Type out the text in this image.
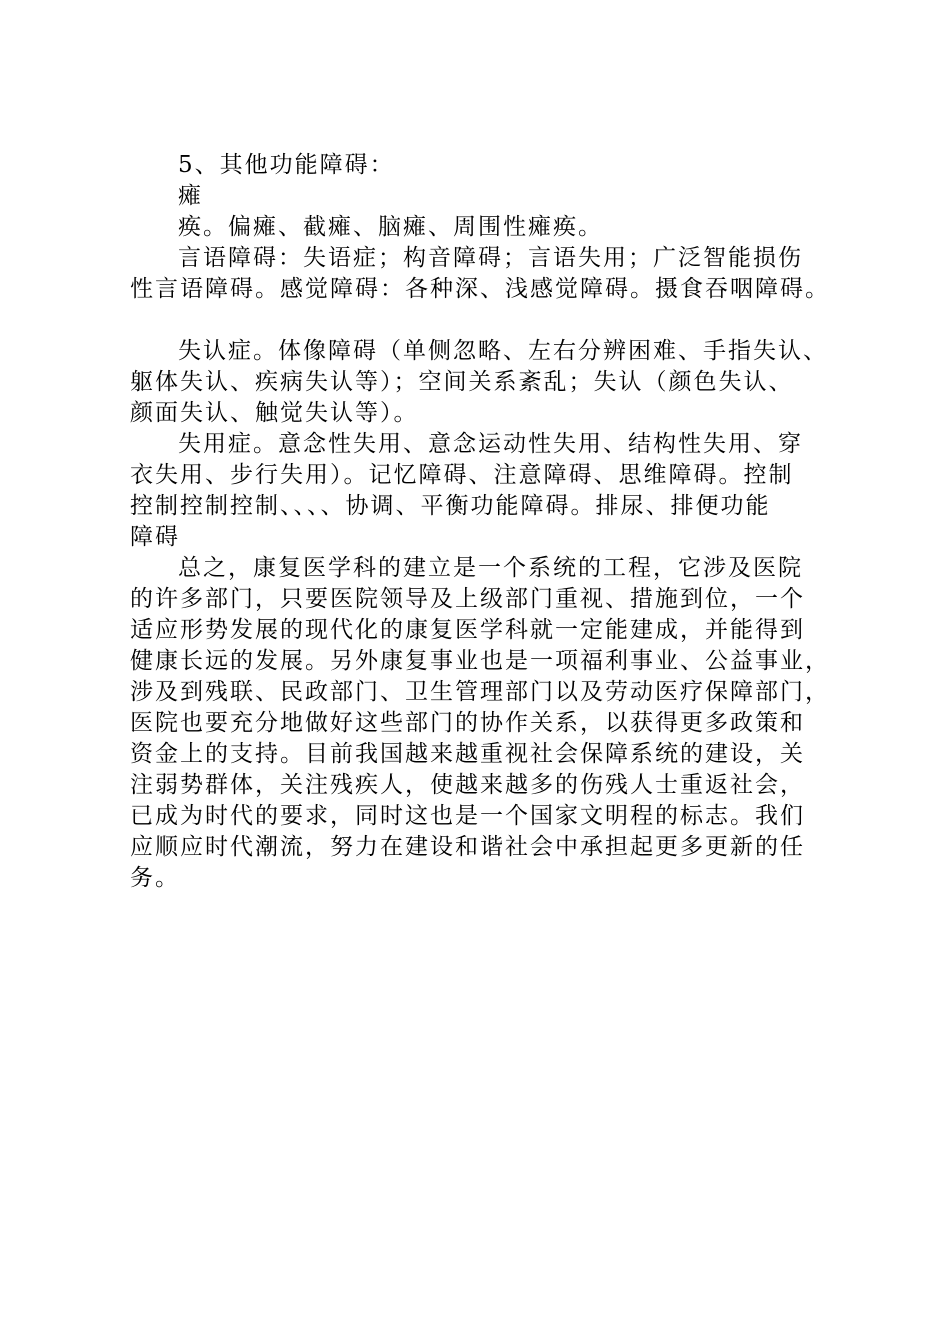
5、其他功能障碍：
瘫
痪。偏瘫、截瘫、脑瘫、周围性瘫痪。
言语障碍：失语症；构音障碍；言语失用；广泛智能损伤
性言语障碍。感觉障碍：各种深、浅感觉障碍。摄食吞咽障碍。
失认症。体像障碍（单侧忽略、左右分辨困难、手指失认、
躯体失认、疾病失认等）；空间关系紊乱；失认（颜色失认、
颜面失认、触觉失认等）。
失用症。意念性失用、意念运动性失用、结构性失用、穿
衣失用、步行失用）。记忆障碍、注意障碍、思维障碍。控制
控制控制控制、、、、协调、平衡功能障碍。排尿、排便功能
障碍
总之，康复医学科的建立是一个系统的工程，它涉及医院
的许多部门，只要医院领导及上级部门重视、措施到位，一个
适应形势发展的现代化的康复医学科就一定能建成，并能得到
健康长远的发展。另外康复事业也是一项福利事业、公益事业，
涉及到残联、民政部门、卫生管理部门以及劳动医疗保障部门，
医院也要充分地做好这些部门的协作关系，以获得更多政策和
资金上的支持。目前我国越来越重视社会保障系统的建设，关
注弱势群体，关注残疾人，使越来越多的伤残人士重返社会，
已成为时代的要求，同时这也是一个国家文明程的标志。我们
应顺应时代潮流，努力在建设和谐社会中承担起更多更新的任
务。
